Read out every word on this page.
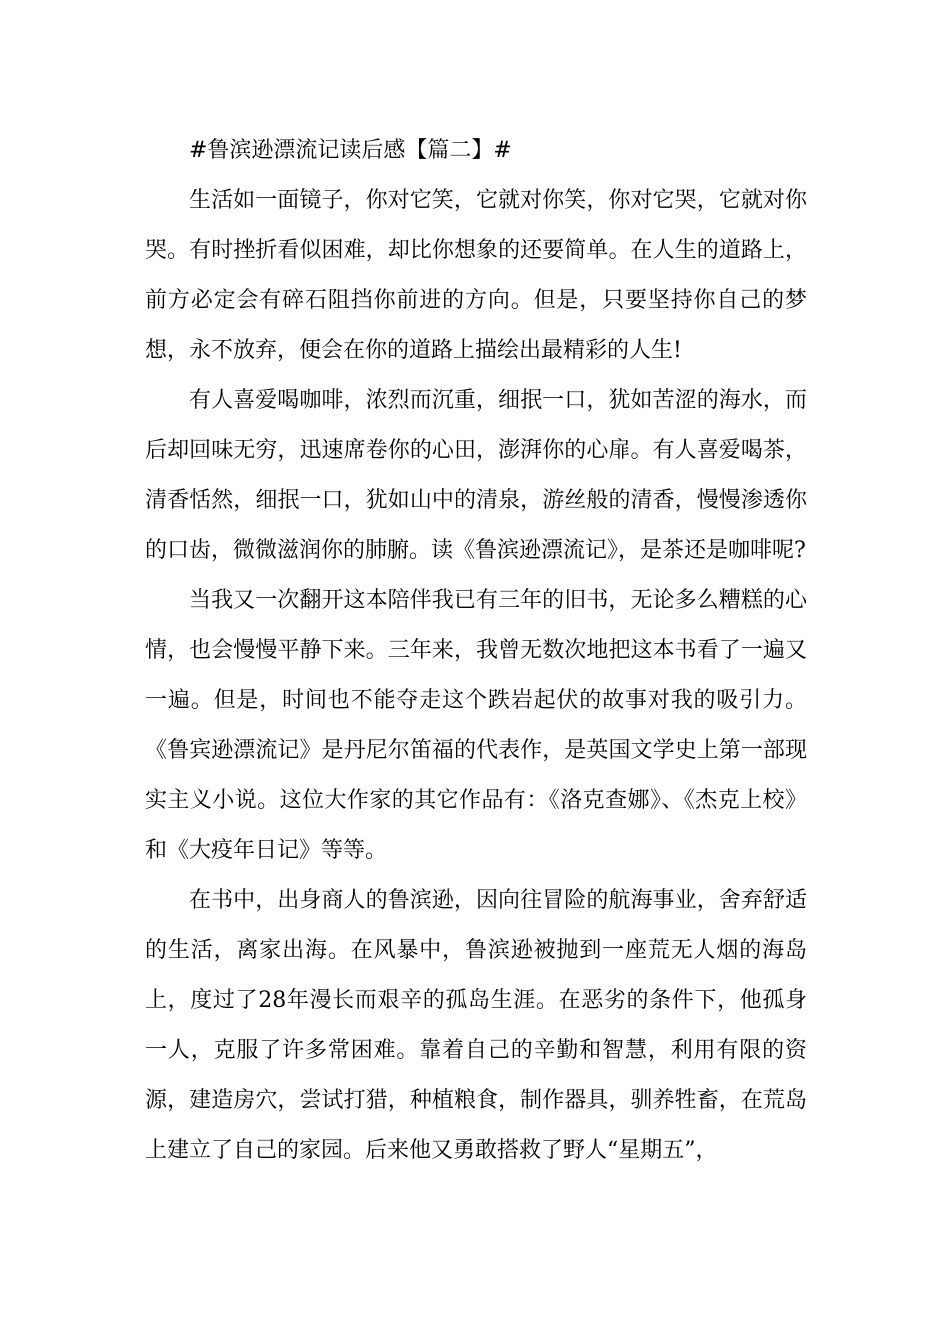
#鲁滨逊漂流记读后感【篇二】#

生活如一面镜子，你对它笑，它就对你笑，你对它哭，它就对你哭。有时挫折看似困难，却比你想象的还要简单。在人生的道路上，前方必定会有碎石阻挡你前进的方向。但是，只要坚持你自己的梦想，永不放弃，便会在你的道路上描绘出最精彩的人生!

有人喜爱喝咖啡，浓烈而沉重，细抿一口，犹如苦涩的海水，而后却回味无穷，迅速席卷你的心田，澎湃你的心扉。有人喜爱喝茶，清香恬然，细抿一口，犹如山中的清泉，游丝般的清香，慢慢渗透你的口齿，微微滋润你的肺腑。读《鲁滨逊漂流记》，是茶还是咖啡呢?

当我又一次翻开这本陪伴我已有三年的旧书，无论多么糟糕的心情，也会慢慢平静下来。三年来，我曾无数次地把这本书看了一遍又一遍。但是，时间也不能夺走这个跌岩起伏的故事对我的吸引力。《鲁宾逊漂流记》是丹尼尔笛福的代表作，是英国文学史上第一部现实主义小说。这位大作家的其它作品有：《洛克查娜》、《杰克上校》和《大疫年日记》等等。

在书中，出身商人的鲁滨逊，因向往冒险的航海事业，舍弃舒适的生活，离家出海。在风暴中，鲁滨逊被抛到一座荒无人烟的海岛上，度过了28年漫长而艰辛的孤岛生涯。在恶劣的条件下，他孤身一人，克服了许多常困难。靠着自己的辛勤和智慧，利用有限的资源，建造房穴，尝试打猎，种植粮食，制作器具，驯养牲畜，在荒岛上建立了自己的家园。后来他又勇敢搭救了野人“星期五”，
